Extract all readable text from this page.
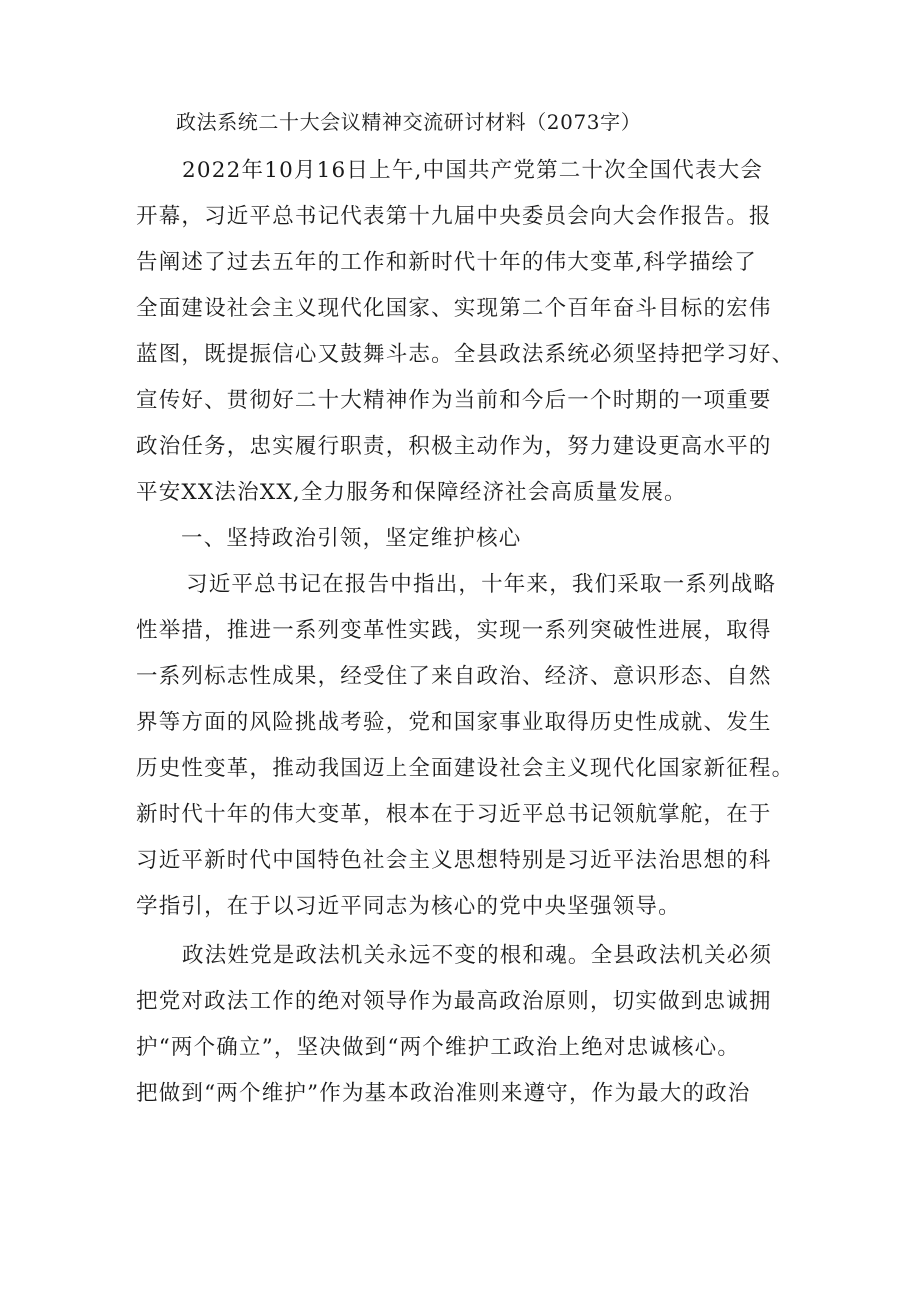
政法系统二十大会议精神交流研讨材料（2073字）
2022年10月16日上午,中国共产党第二十次全国代表大会
开幕，习近平总书记代表第十九届中央委员会向大会作报告。报
告阐述了过去五年的工作和新时代十年的伟大变革,科学描绘了
全面建设社会主义现代化国家、实现第二个百年奋斗目标的宏伟
蓝图，既提振信心又鼓舞斗志。全县政法系统必须坚持把学习好、
宣传好、贯彻好二十大精神作为当前和今后一个时期的一项重要
政治任务，忠实履行职责，积极主动作为，努力建设更高水平的
平安XX法治XX,全力服务和保障经济社会高质量发展。
一、坚持政治引领，坚定维护核心
习近平总书记在报告中指出，十年来，我们采取一系列战略
性举措，推进一系列变革性实践，实现一系列突破性进展，取得
一系列标志性成果，经受住了来自政治、经济、意识形态、自然
界等方面的风险挑战考验，党和国家事业取得历史性成就、发生
历史性变革，推动我国迈上全面建设社会主义现代化国家新征程。
新时代十年的伟大变革，根本在于习近平总书记领航掌舵，在于
习近平新时代中国特色社会主义思想特别是习近平法治思想的科
学指引，在于以习近平同志为核心的党中央坚强领导。
政法姓党是政法机关永远不变的根和魂。全县政法机关必须
把党对政法工作的绝对领导作为最高政治原则，切实做到忠诚拥
护“两个确立”，坚决做到“两个维护工政治上绝对忠诚核心。
把做到“两个维护”作为基本政治准则来遵守，作为最大的政治
